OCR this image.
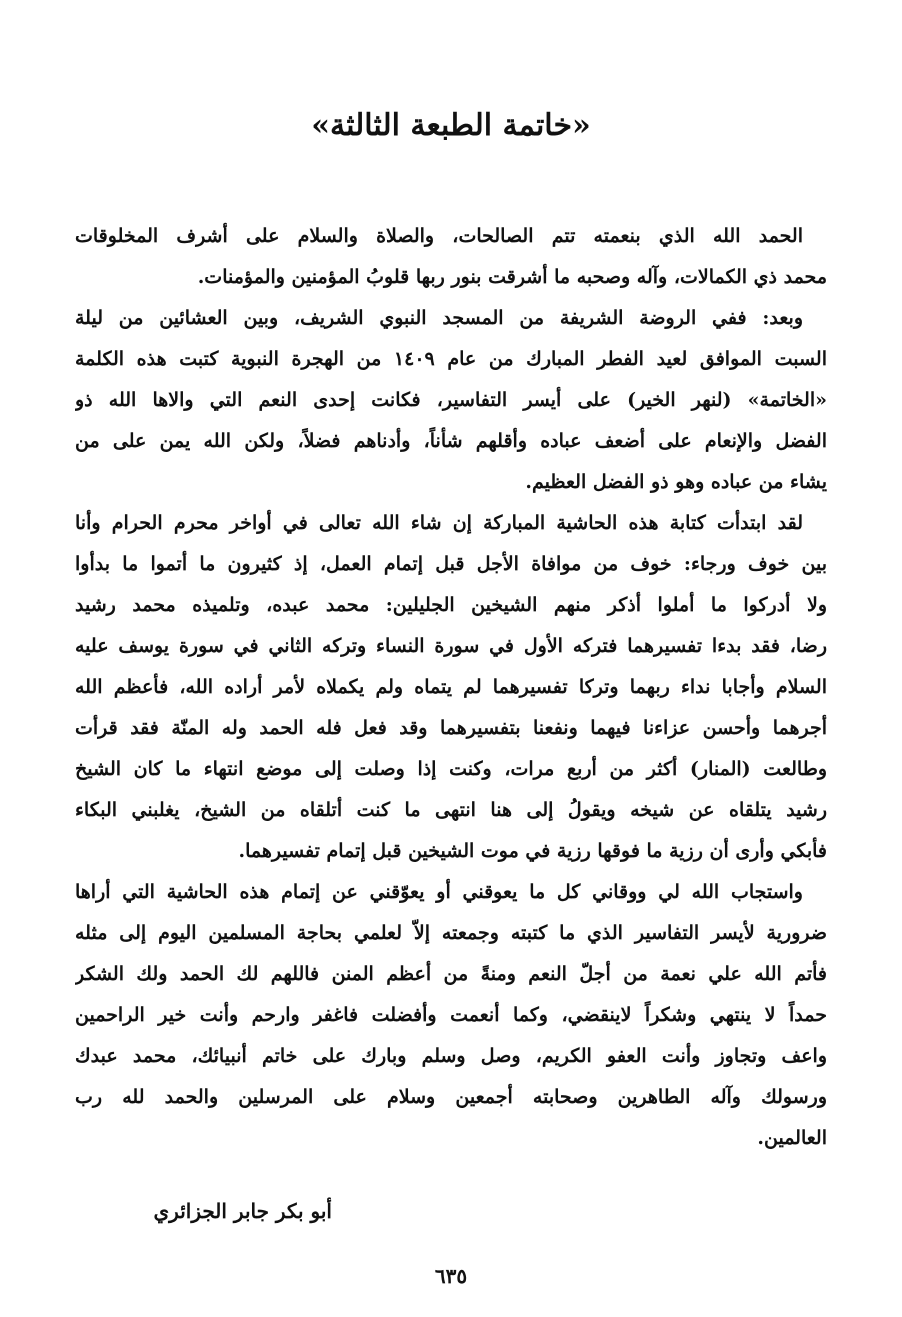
«خاتمة الطبعة الثالثة»
الحمد الله الذي بنعمته تتم الصالحات، والصلاة والسلام على أشرف المخلوقات
محمد ذي الكمالات، وآله وصحبه ما أشرقت بنور ربها قلوبُ المؤمنين والمؤمنات.
وبعد: ففي الروضة الشريفة من المسجد النبوي الشريف، وبين العشائين من ليلة
السبت الموافق لعيد الفطر المبارك من عام ١٤٠٩ من الهجرة النبوية كتبت هذه الكلمة
«الخاتمة» (لنهر الخير) على أيسر التفاسير، فكانت إحدى النعم التي والاها الله ذو
الفضل والإنعام على أضعف عباده وأقلهم شأناً، وأدناهم فضلاً، ولكن الله يمن على من
يشاء من عباده وهو ذو الفضل العظيم.
لقد ابتدأت كتابة هذه الحاشية المباركة إن شاء الله تعالى في أواخر محرم الحرام وأنا
بين خوف ورجاء: خوف من موافاة الأجل قبل إتمام العمل، إذ كثيرون ما أتموا ما بدأوا
ولا أدركوا ما أملوا أذكر منهم الشيخين الجليلين: محمد عبده، وتلميذه محمد رشيد
رضا، فقد بدءا تفسيرهما فتركه الأول في سورة النساء وتركه الثاني في سورة يوسف عليه
السلام وأجابا نداء ربهما وتركا تفسيرهما لم يتماه ولم يكملاه لأمر أراده الله، فأعظم الله
أجرهما وأحسن عزاءنا فيهما ونفعنا بتفسيرهما وقد فعل فله الحمد وله المنّة فقد قرأت
وطالعت (المنار) أكثر من أربع مرات، وكنت إذا وصلت إلى موضع انتهاء ما كان الشيخ
رشيد يتلقاه عن شيخه ويقولُ إلى هنا انتهى ما كنت أتلقاه من الشيخ، يغلبني البكاء
فأبكي وأرى أن رزية ما فوقها رزية في موت الشيخين قبل إتمام تفسيرهما.
واستجاب الله لي ووقاني كل ما يعوقني أو يعوّقني عن إتمام هذه الحاشية التي أراها
ضرورية لأيسر التفاسير الذي ما كتبته وجمعته إلاّ لعلمي بحاجة المسلمين اليوم إلى مثله
فأتم الله علي نعمة من أجلّ النعم ومنةً من أعظم المنن فاللهم لك الحمد ولك الشكر
حمداً لا ينتهي وشكراً لاينقضي، وكما أنعمت وأفضلت فاغفر وارحم وأنت خير الراحمين
واعف وتجاوز وأنت العفو الكريم، وصل وسلم وبارك على خاتم أنبيائك، محمد عبدك
ورسولك وآله الطاهرين وصحابته أجمعين وسلام على المرسلين والحمد لله رب
العالمين.
أبو بكر جابر الجزائري
٦٣٥
